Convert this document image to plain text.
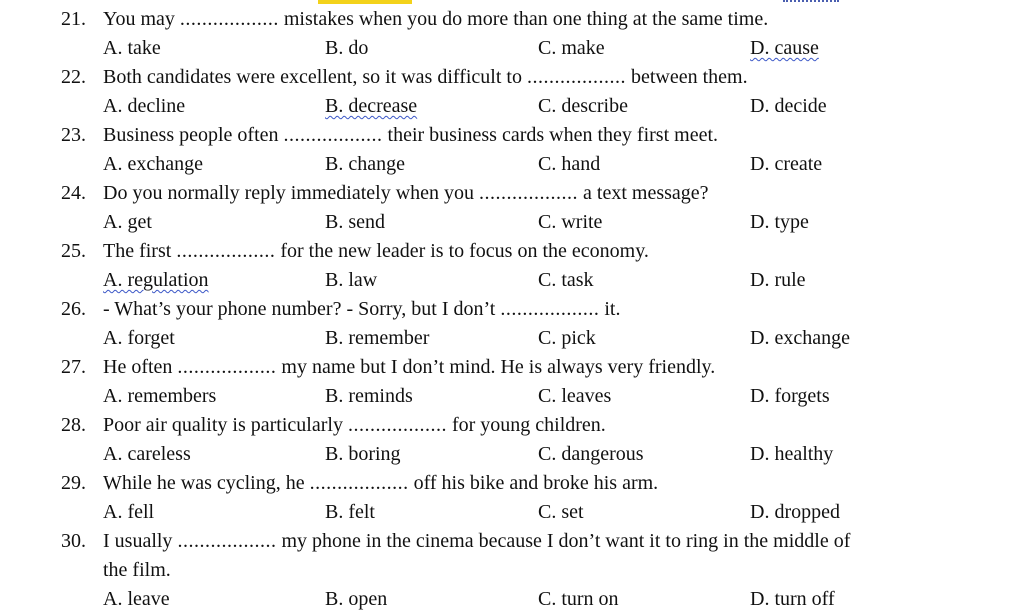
21. You may .................. mistakes when you do more than one thing at the same time.
A. take	B. do	C. make	D. cause
22. Both candidates were excellent, so it was difficult to .................. between them.
A. decline	B. decrease	C. describe	D. decide
23. Business people often .................. their business cards when they first meet.
A. exchange	B. change	C. hand	D. create
24. Do you normally reply immediately when you .................. a text message?
A. get	B. send	C. write	D. type
25. The first .................. for the new leader is to focus on the economy.
A. regulation	B. law	C. task	D. rule
26. - What’s your phone number? - Sorry, but I don’t .................. it.
A. forget	B. remember	C. pick	D. exchange
27. He often .................. my name but I don’t mind. He is always very friendly.
A. remembers	B. reminds	C. leaves	D. forgets
28. Poor air quality is particularly .................. for young children.
A. careless	B. boring	C. dangerous	D. healthy
29. While he was cycling, he .................. off his bike and broke his arm.
A. fell	B. felt	C. set	D. dropped
30. I usually .................. my phone in the cinema because I don’t want it to ring in the middle of
the film.
A. leave	B. open	C. turn on	D. turn off
